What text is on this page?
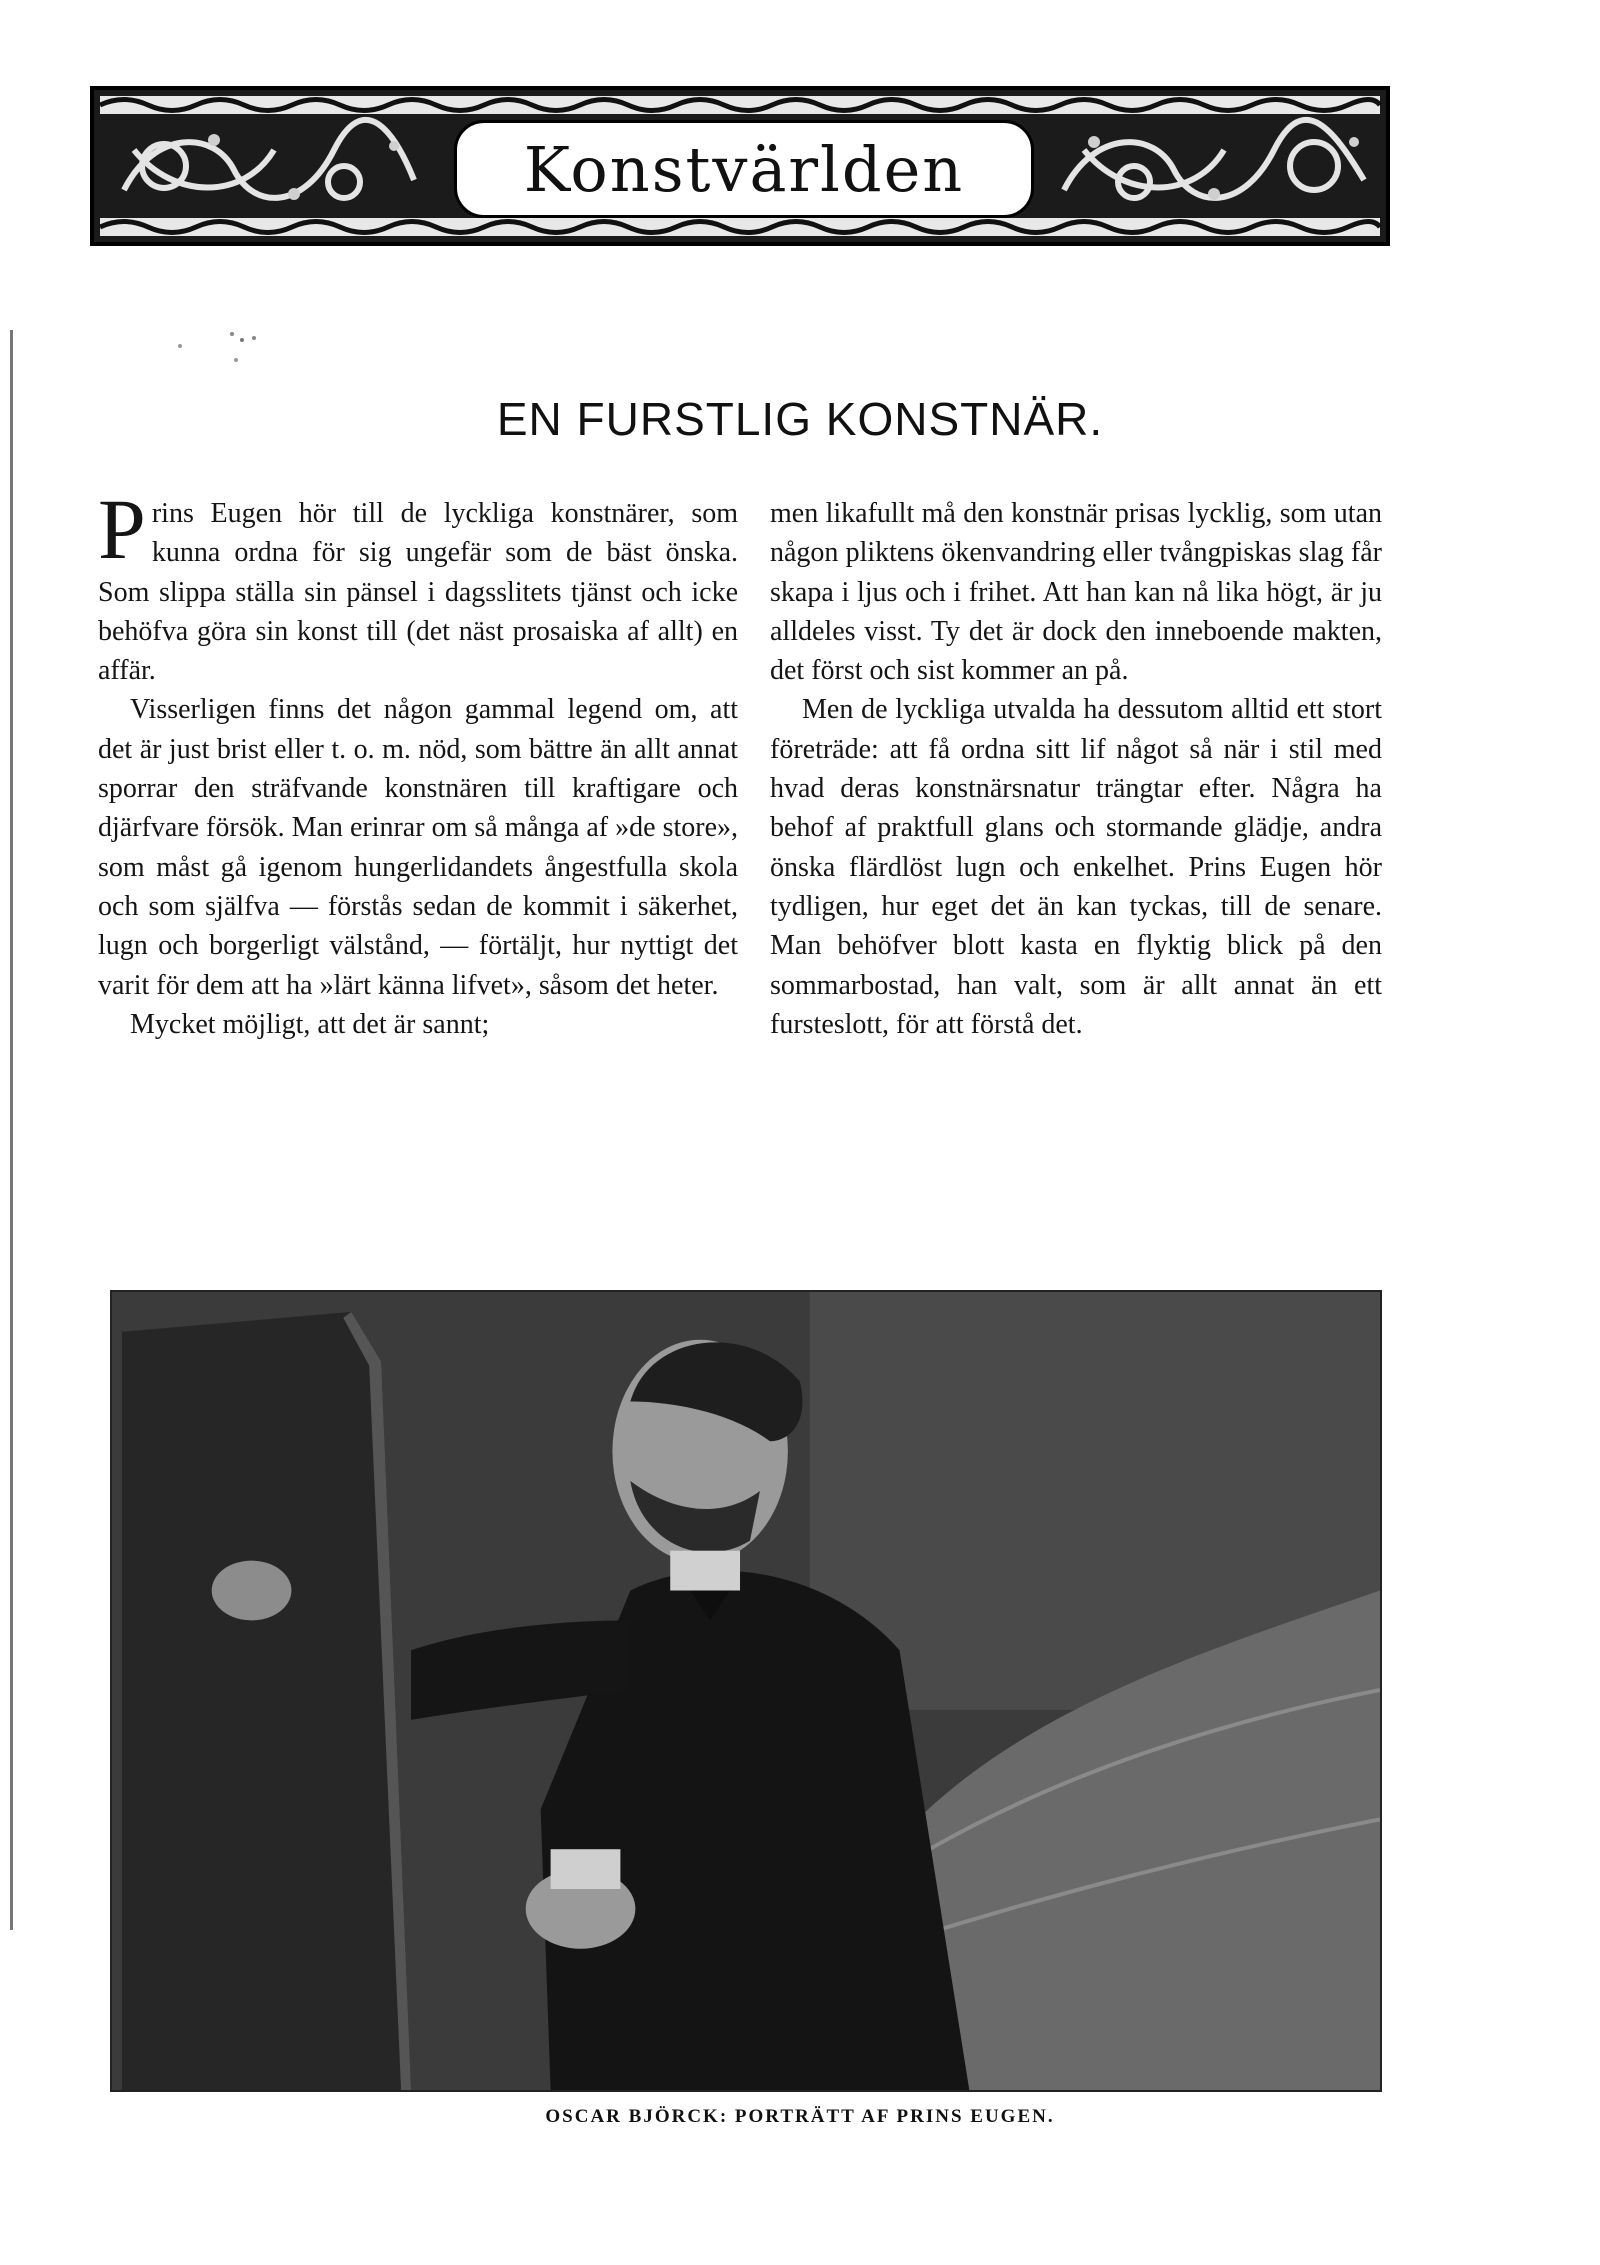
Konstvärlden
EN FURSTLIG KONSTNÄR.

Prins Eugen hör till de lyckliga konstnärer, som kunna ordna för sig ungefär som de bäst önska. Som slippa ställa sin pänsel i dagsslitets tjänst och icke behöfva göra sin konst till (det näst prosaiska af allt) en affär.

Visserligen finns det någon gammal legend om, att det är just brist eller t. o. m. nöd, som bättre än allt annat sporrar den sträfvande konstnären till kraftigare och djärfvare försök. Man erinrar om så många af »de store», som måst gå igenom hungerlidandets ångestfulla skola och som själfva — förstås sedan de kommit i säkerhet, lugn och borgerligt välstånd, — förtäljt, hur nyttigt det varit för dem att ha »lärt känna lifvet», såsom det heter.

Mycket möjligt, att det är sannt;

men likafullt må den konstnär prisas lycklig, som utan någon pliktens ökenvandring eller tvångpiskas slag får skapa i ljus och i frihet. Att han kan nå lika högt, är ju alldeles visst. Ty det är dock den inneboende makten, det först och sist kommer an på.

Men de lyckliga utvalda ha dessutom alltid ett stort företräde: att få ordna sitt lif något så när i stil med hvad deras konstnärsnatur trängtar efter. Några ha behof af praktfull glans och stormande glädje, andra önska flärdlöst lugn och enkelhet. Prins Eugen hör tydligen, hur eget det än kan tyckas, till de senare. Man behöfver blott kasta en flyktig blick på den sommarbostad, han valt, som är allt annat än ett fursteslott, för att förstå det.

OSCAR BJÖRCK: PORTRÄTT AF PRINS EUGEN.
